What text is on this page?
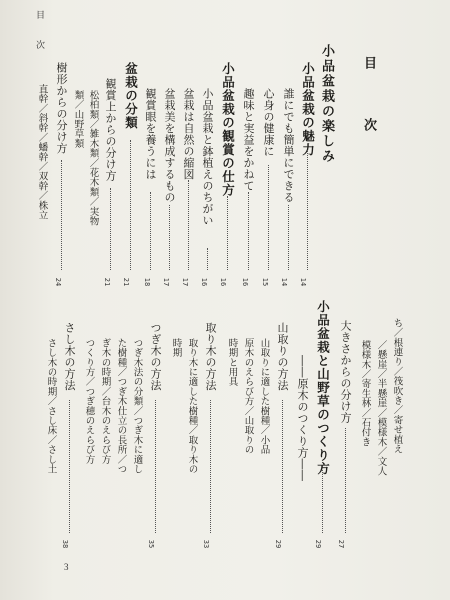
目　次
目　次
小品盆栽の楽しみ
小品盆栽の魅力
14
誰にでも簡単にできる
14
心身の健康に
15
趣味と実益をかねて
16
小品盆栽の観賞の仕方
16
小品盆栽と鉢植えのちがい
16
盆栽は自然の縮図
17
盆栽美を構成するもの
17
観賞眼を養うには
18
盆栽の分類
21
観賞上からの分け方
21
松柏類／雑木類／花木類／実物
類／山野草類
樹形からの分け方
24
直幹／斜幹／蟠幹／双幹／株立
ち／根連り／筏吹き／寄せ植え
／懸崖／半懸崖／模様木／文人
模様木／寄生林／石付き
大きさからの分け方
27
小品盆栽と山野草のつくり方
29
――原木のつくり方――
山取りの方法
29
山取りに適した樹種／小品
原木のえらび方／山取りの
時期と用具
取り木の方法
33
取り木に適した樹種／取り木の
時期
つぎ木の方法
35
つぎ木法の分類／つぎ木に適し
た樹種／つぎ木仕立の長所／つ
ぎ木の時期／台木のえらび方
つくり方／つぎ穂のえらび方
さし木の方法
38
さし木の時期／さし床／さし土
3
